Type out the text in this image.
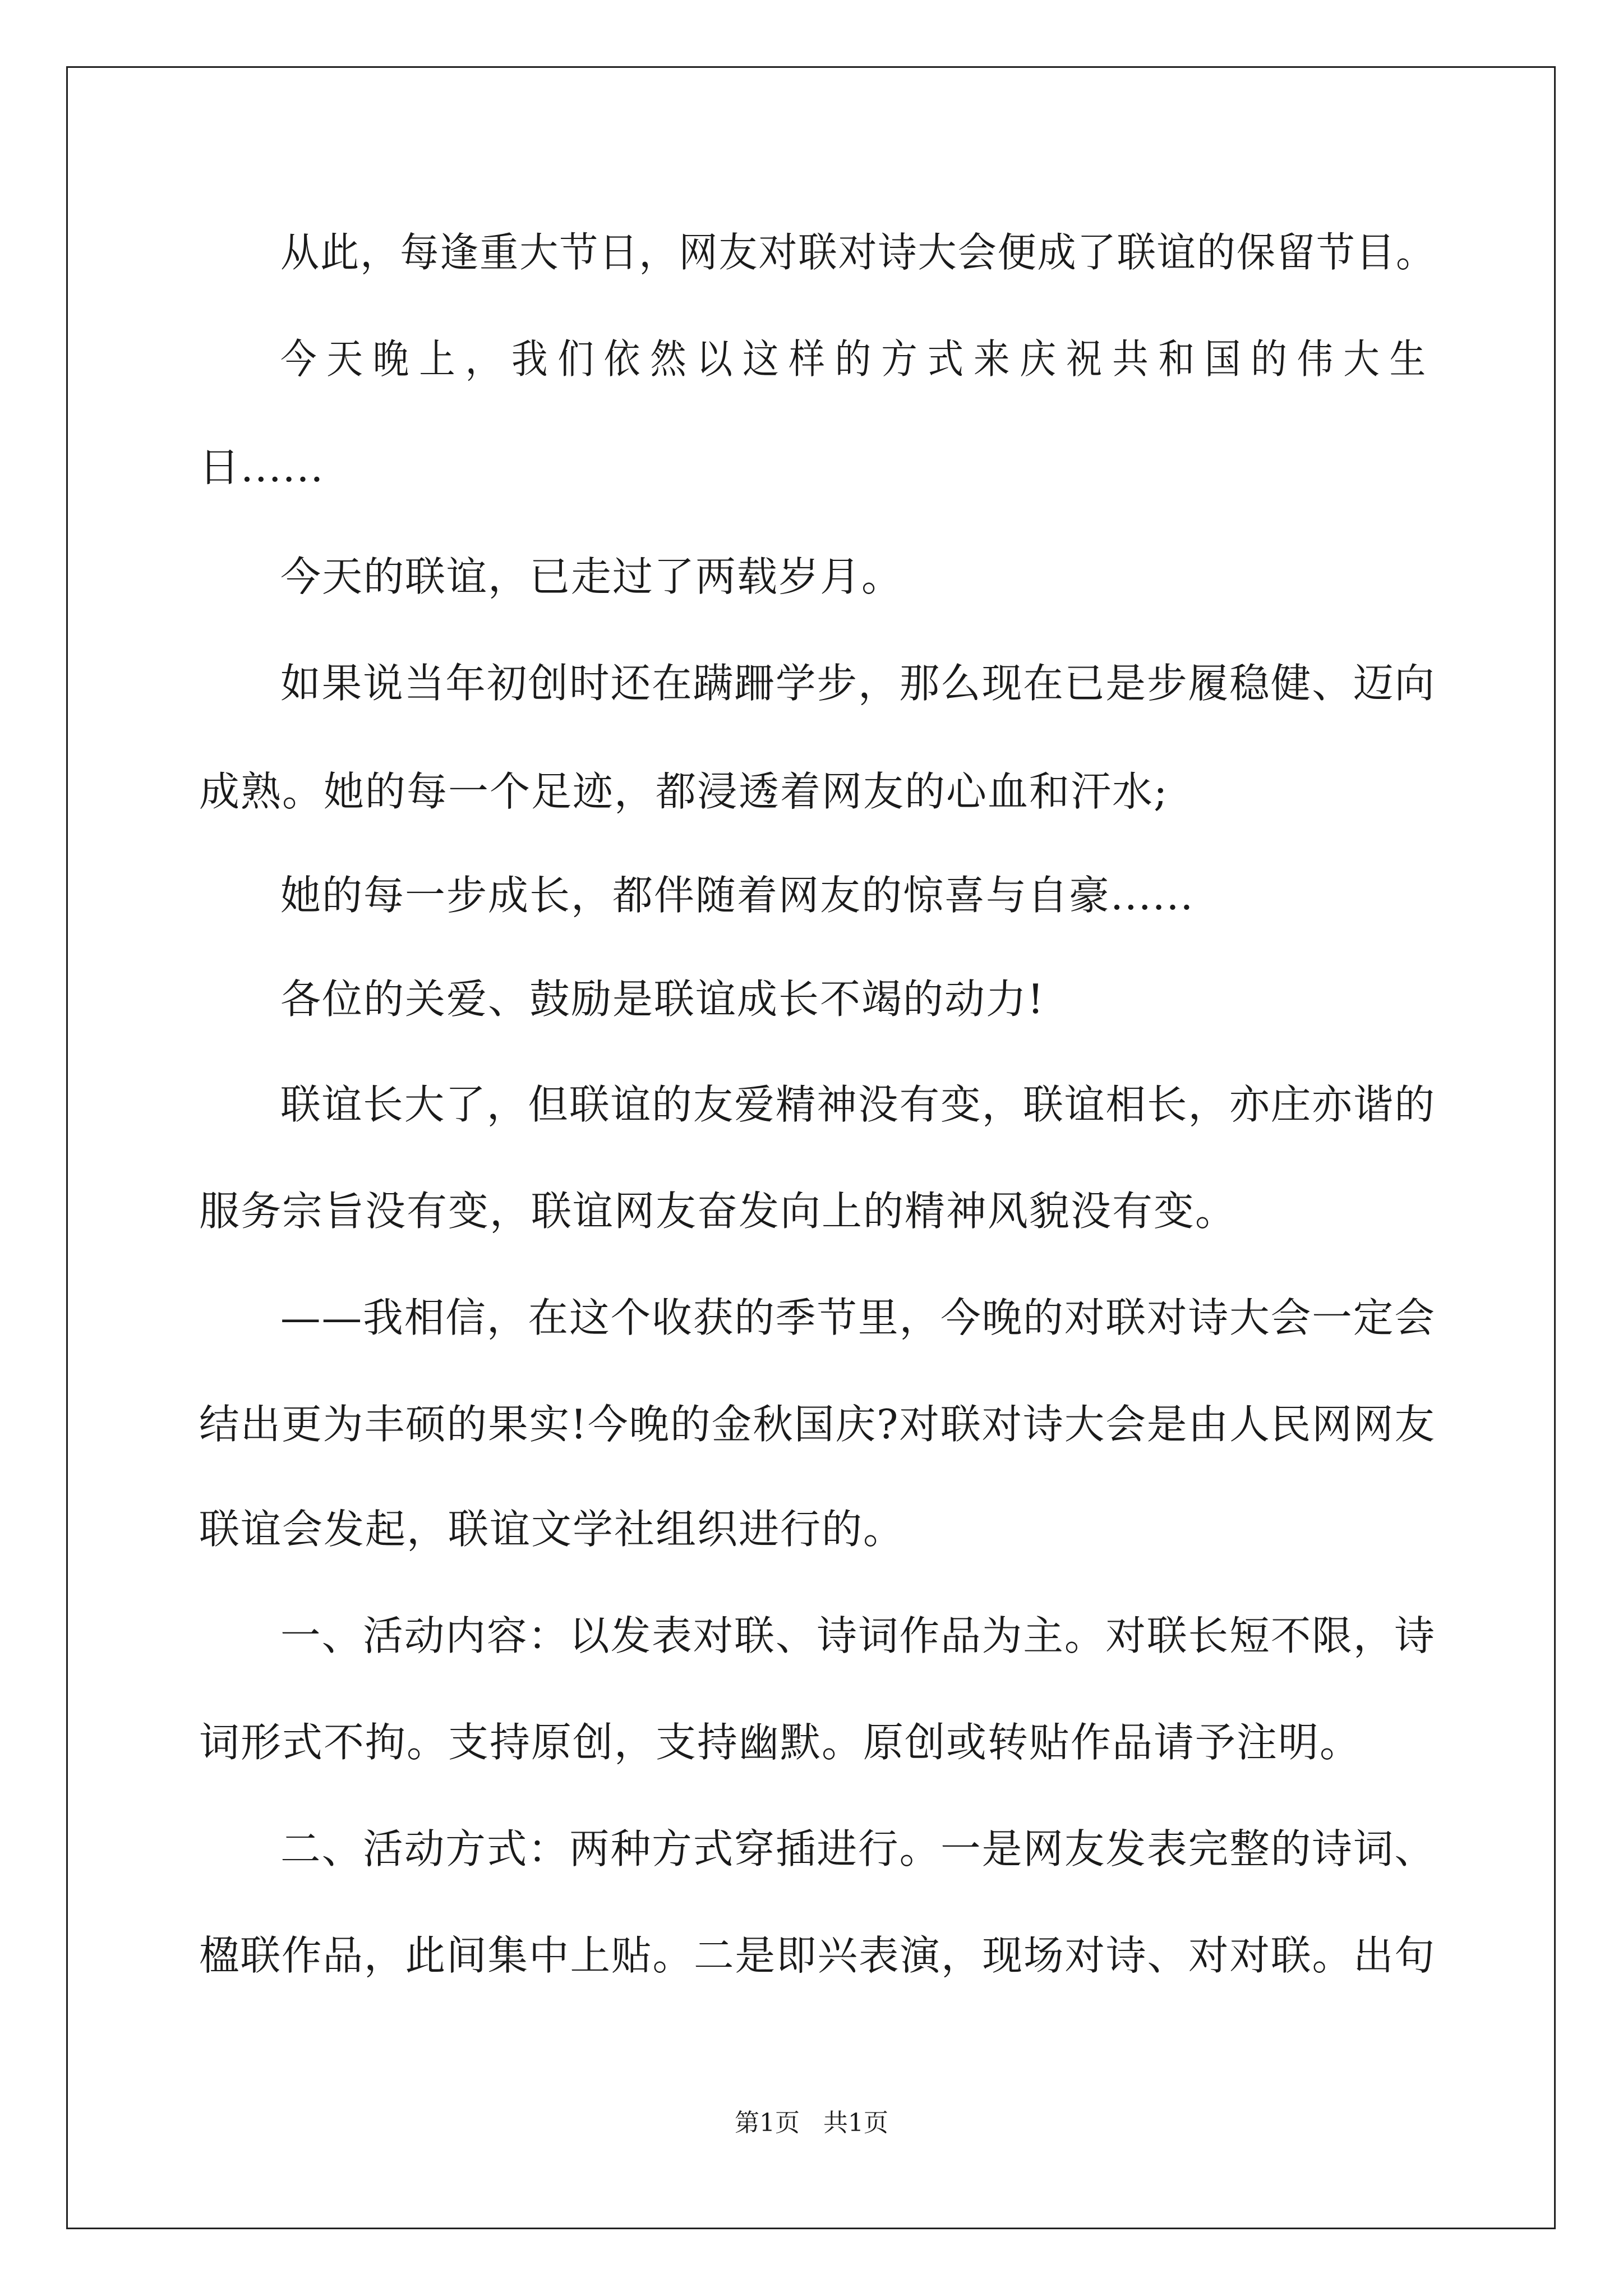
从此，每逢重大节日，网友对联对诗大会便成了联谊的保留节目。
今天晚上，我们依然以这样的方式来庆祝共和国的伟大生
日......
今天的联谊，已走过了两载岁月。
如果说当年初创时还在蹒跚学步，那么现在已是步履稳健、迈向
成熟。她的每一个足迹，都浸透着网友的心血和汗水;
她的每一步成长，都伴随着网友的惊喜与自豪......
各位的关爱、鼓励是联谊成长不竭的动力!
联谊长大了，但联谊的友爱精神没有变，联谊相长，亦庄亦谐的
服务宗旨没有变，联谊网友奋发向上的精神风貌没有变。
——我相信，在这个收获的季节里，今晚的对联对诗大会一定会
结出更为丰硕的果实!今晚的金秋国庆?对联对诗大会是由人民网网友
联谊会发起，联谊文学社组织进行的。
一、活动内容：以发表对联、诗词作品为主。对联长短不限，诗
词形式不拘。支持原创，支持幽默。原创或转贴作品请予注明。
二、活动方式：两种方式穿插进行。一是网友发表完整的诗词、
楹联作品，此间集中上贴。二是即兴表演，现场对诗、对对联。出句
第1页   共1页
